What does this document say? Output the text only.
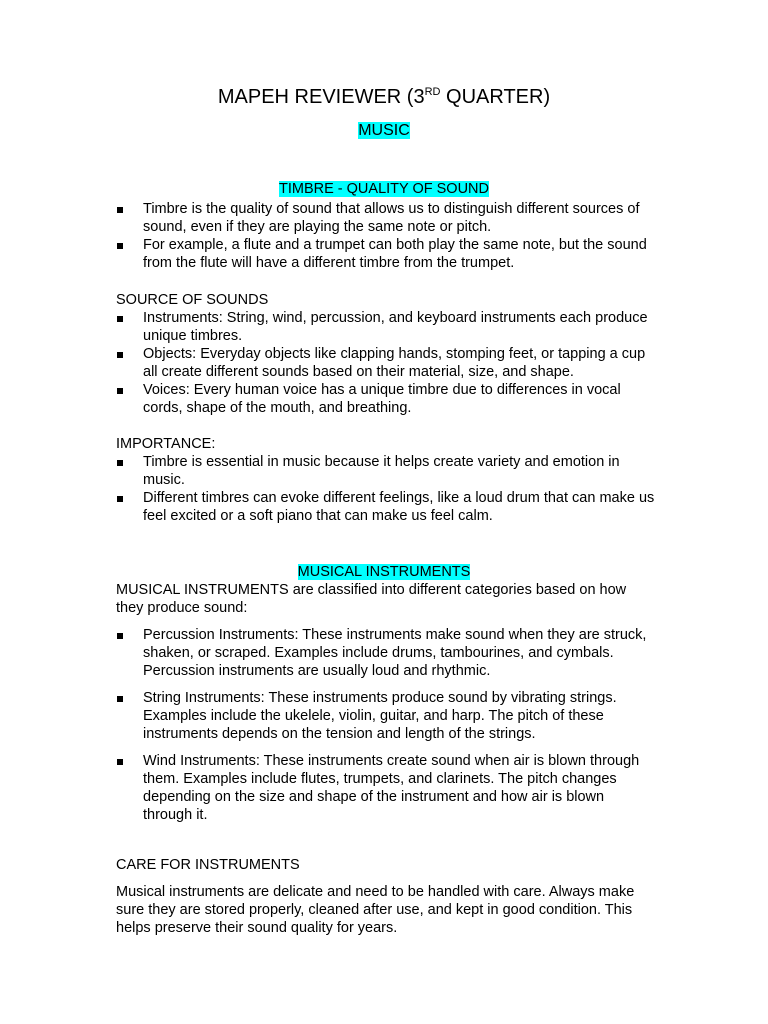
MAPEH REVIEWER (3RD QUARTER)
MUSIC
TIMBRE - QUALITY OF SOUND
Timbre is the quality of sound that allows us to distinguish different sources of sound, even if they are playing the same note or pitch.
For example, a flute and a trumpet can both play the same note, but the sound from the flute will have a different timbre from the trumpet.
SOURCE OF SOUNDS
Instruments: String, wind, percussion, and keyboard instruments each produce unique timbres.
Objects: Everyday objects like clapping hands, stomping feet, or tapping a cup all create different sounds based on their material, size, and shape.
Voices: Every human voice has a unique timbre due to differences in vocal cords, shape of the mouth, and breathing.
IMPORTANCE:
Timbre is essential in music because it helps create variety and emotion in music.
Different timbres can evoke different feelings, like a loud drum that can make us feel excited or a soft piano that can make us feel calm.
MUSICAL INSTRUMENTS
MUSICAL INSTRUMENTS are classified into different categories based on how they produce sound:
Percussion Instruments: These instruments make sound when they are struck, shaken, or scraped. Examples include drums, tambourines, and cymbals. Percussion instruments are usually loud and rhythmic.
String Instruments: These instruments produce sound by vibrating strings. Examples include the ukelele, violin, guitar, and harp. The pitch of these instruments depends on the tension and length of the strings.
Wind Instruments: These instruments create sound when air is blown through them. Examples include flutes, trumpets, and clarinets. The pitch changes depending on the size and shape of the instrument and how air is blown through it.
CARE FOR INSTRUMENTS
Musical instruments are delicate and need to be handled with care. Always make sure they are stored properly, cleaned after use, and kept in good condition. This helps preserve their sound quality for years.
